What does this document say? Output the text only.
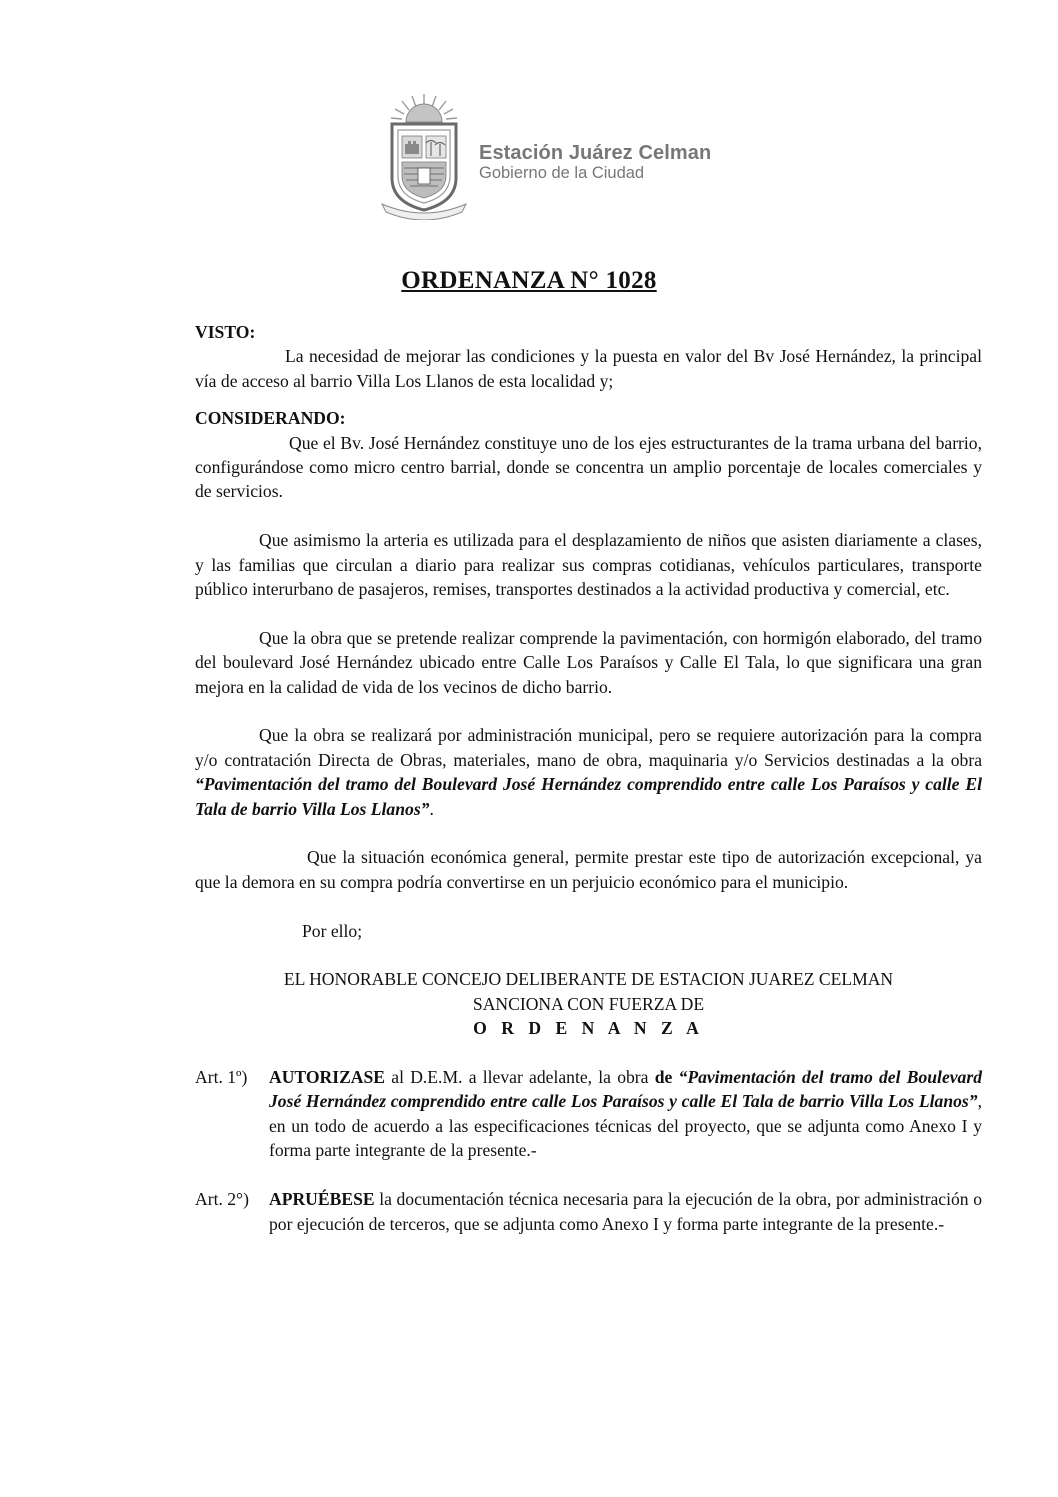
Estación Juárez Celman
Gobierno de la Ciudad
ORDENANZA N° 1028

VISTO:

La necesidad de mejorar las condiciones y la puesta en valor del Bv José Hernández, la principal vía de acceso al barrio Villa Los Llanos de esta localidad y;

CONSIDERANDO:

Que el Bv. José Hernández constituye uno de los ejes estructurantes de la trama urbana del barrio, configurándose como micro centro barrial, donde se concentra un amplio porcentaje de locales comerciales y de servicios.

Que asimismo la arteria es utilizada para el desplazamiento de niños que asisten diariamente a clases, y las familias que circulan a diario para realizar sus compras cotidianas, vehículos particulares, transporte público interurbano de pasajeros, remises, transportes destinados a la actividad productiva y comercial, etc.

Que la obra que se pretende realizar comprende la pavimentación, con hormigón elaborado, del tramo del boulevard José Hernández ubicado entre Calle Los Paraísos y Calle El Tala, lo que significara una gran mejora en la calidad de vida de los vecinos de dicho barrio.

Que la obra se realizará por administración municipal, pero se requiere autorización para la compra y/o contratación Directa de Obras, materiales, mano de obra, maquinaria y/o Servicios destinadas a la obra “Pavimentación del tramo del Boulevard José Hernández comprendido entre calle Los Paraísos y calle El Tala de barrio Villa Los Llanos”.

Que la situación económica general, permite prestar este tipo de autorización excepcional, ya que la demora en su compra podría convertirse en un perjuicio económico para el municipio.

Por ello;

EL HONORABLE CONCEJO DELIBERANTE DE ESTACION JUAREZ CELMAN

SANCIONA CON FUERZA DE

O R D E N A N Z A

Art. 1º)	AUTORIZASE al D.E.M. a llevar adelante, la obra de “Pavimentación del tramo del Boulevard José Hernández comprendido entre calle Los Paraísos y calle El Tala de barrio Villa Los Llanos”, en un todo de acuerdo a las especificaciones técnicas del proyecto, que se adjunta como Anexo I y forma parte integrante de la presente.-
Art. 2°)	APRUÉBESE la documentación técnica necesaria para la ejecución de la obra, por administración o por ejecución de terceros, que se adjunta como Anexo I y forma parte integrante de la presente.-
